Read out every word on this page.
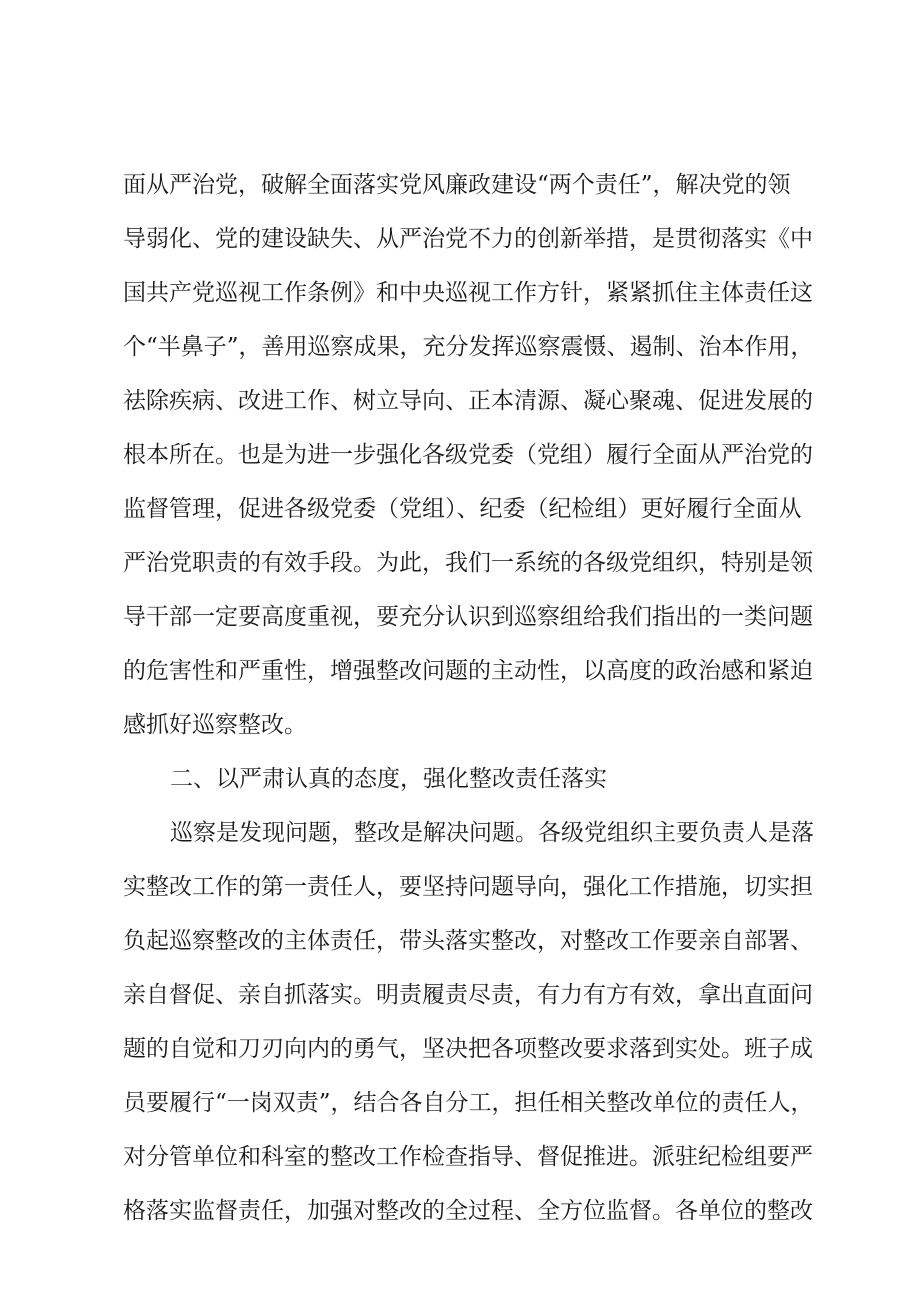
面从严治党，破解全面落实党风廉政建设“两个责任”，解决党的领
导弱化、党的建设缺失、从严治党不力的创新举措，是贯彻落实《中
国共产党巡视工作条例》和中央巡视工作方针，紧紧抓住主体责任这
个“半鼻子”，善用巡察成果，充分发挥巡察震慑、遏制、治本作用，
祛除疾病、改进工作、树立导向、正本清源、凝心聚魂、促进发展的
根本所在。也是为进一步强化各级党委（党组）履行全面从严治党的
监督管理，促进各级党委（党组）、纪委（纪检组）更好履行全面从
严治党职责的有效手段。为此，我们一系统的各级党组织，特别是领
导干部一定要高度重视，要充分认识到巡察组给我们指出的一类问题
的危害性和严重性，增强整改问题的主动性，以高度的政治感和紧迫
感抓好巡察整改。
二、以严肃认真的态度，强化整改责任落实
巡察是发现问题，整改是解决问题。各级党组织主要负责人是落
实整改工作的第一责任人，要坚持问题导向，强化工作措施，切实担
负起巡察整改的主体责任，带头落实整改，对整改工作要亲自部署、
亲自督促、亲自抓落实。明责履责尽责，有力有方有效，拿出直面问
题的自觉和刀刃向内的勇气，坚决把各项整改要求落到实处。班子成
员要履行“一岗双责”，结合各自分工，担任相关整改单位的责任人，
对分管单位和科室的整改工作检查指导、督促推进。派驻纪检组要严
格落实监督责任，加强对整改的全过程、全方位监督。各单位的整改
